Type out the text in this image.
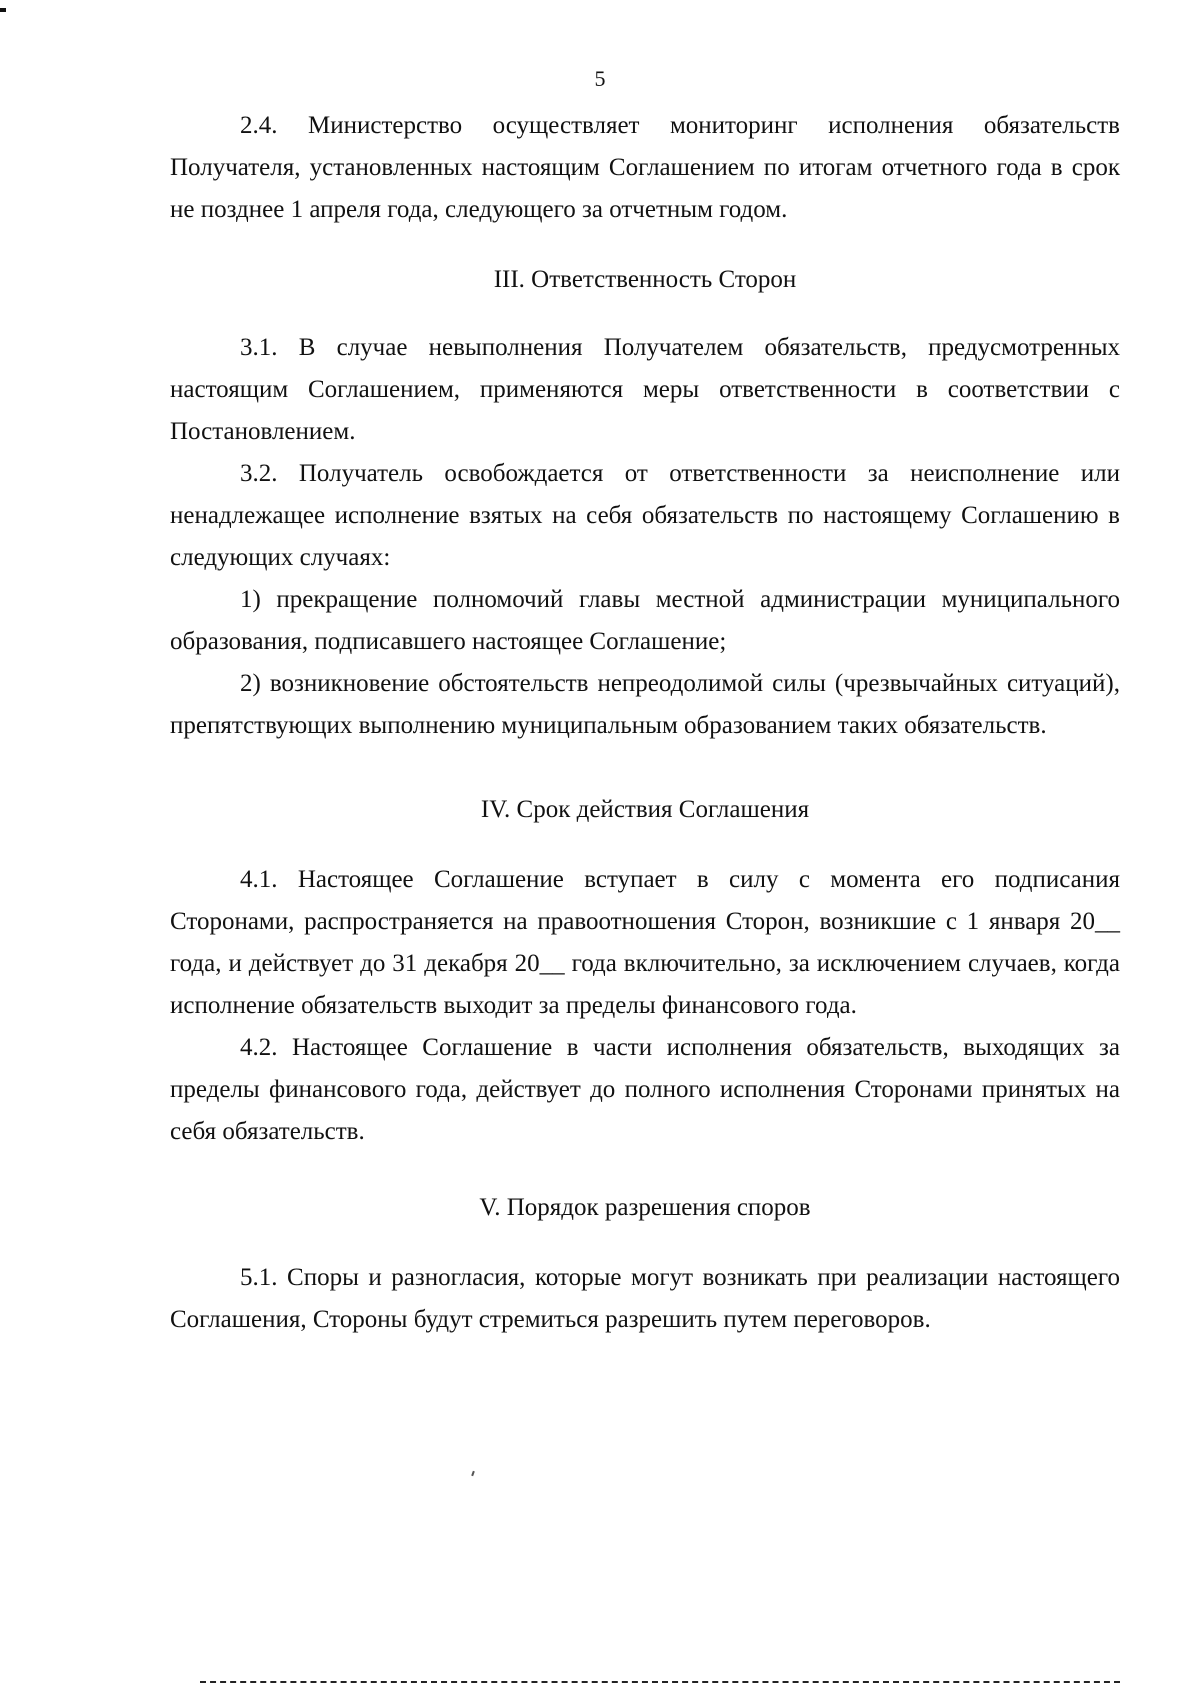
5

2.4. Министерство осуществляет мониторинг исполнения обязательств Получателя, установленных настоящим Соглашением по итогам отчетного года в срок не позднее 1 апреля года, следующего за отчетным годом.

III. Ответственность Сторон

3.1. В случае невыполнения Получателем обязательств, предусмотренных настоящим Соглашением, применяются меры ответственности в соответствии с Постановлением.

3.2. Получатель освобождается от ответственности за неисполнение или ненадлежащее исполнение взятых на себя обязательств по настоящему Соглашению в следующих случаях:

1) прекращение полномочий главы местной администрации муниципального образования, подписавшего настоящее Соглашение;

2) возникновение обстоятельств непреодолимой силы (чрезвычайных ситуаций), препятствующих выполнению муниципальным образованием таких обязательств.

IV. Срок действия Соглашения

4.1. Настоящее Соглашение вступает в силу с момента его подписания Сторонами, распространяется на правоотношения Сторон, возникшие с 1 января 20__ года, и действует до 31 декабря 20__ года включительно, за исключением случаев, когда исполнение обязательств выходит за пределы финансового года.

4.2. Настоящее Соглашение в части исполнения обязательств, выходящих за пределы финансового года, действует до полного исполнения Сторонами принятых на себя обязательств.

V. Порядок разрешения споров

5.1. Споры и разногласия, которые могут возникать при реализации настоящего Соглашения, Стороны будут стремиться разрешить путем переговоров.
